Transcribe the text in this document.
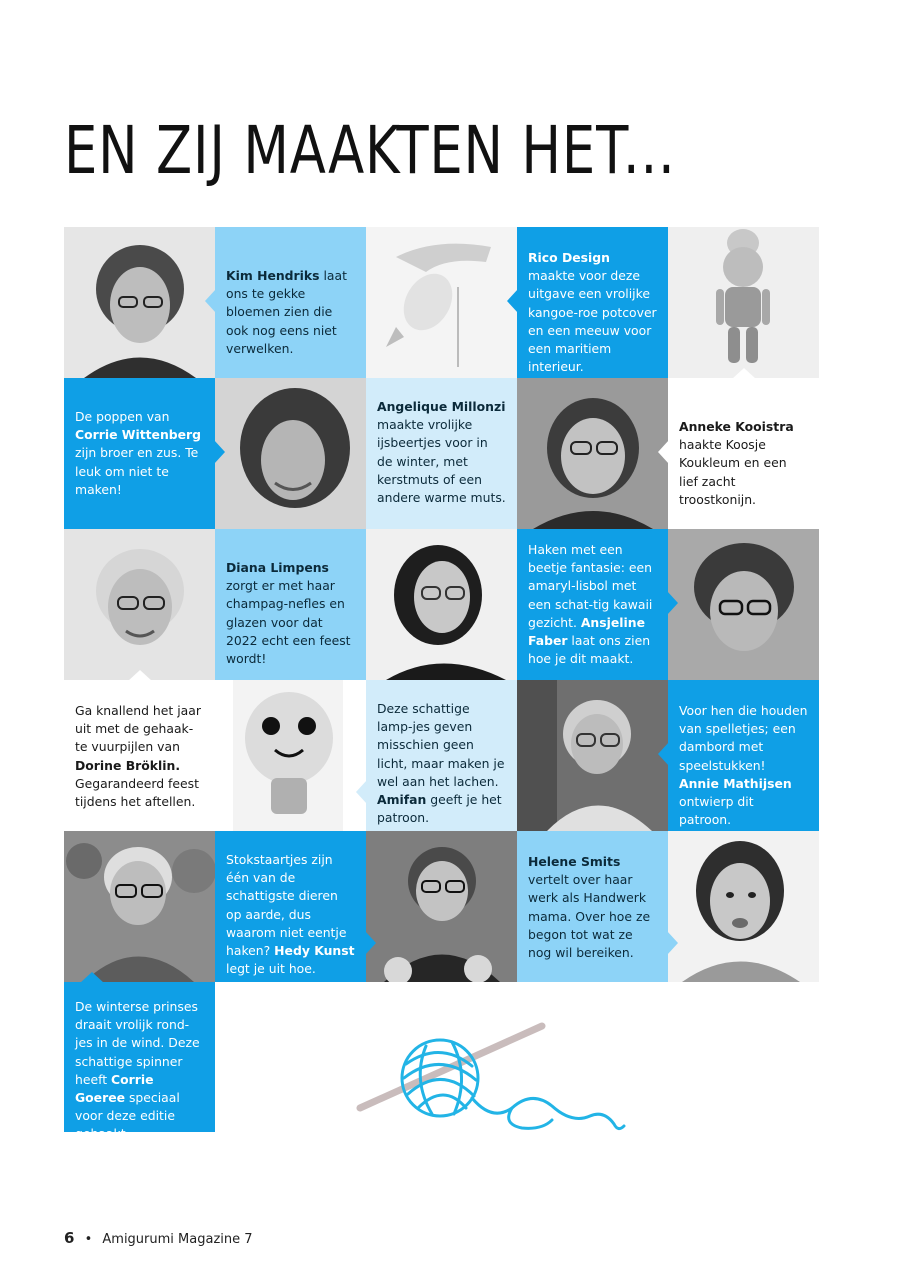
EN ZIJ MAAKTEN HET...
Kim Hendriks laat ons te gekke bloemen zien die ook nog eens niet verwelken.
Rico Design maakte voor deze uitgave een vrolijke kangoe-roe potcover en een meeuw voor een maritiem interieur.
De poppen van Corrie Wittenberg zijn broer en zus. Te leuk om niet te maken!
Angelique Millonzi maakte vrolijke ijsbeertjes voor in de winter, met kerstmuts of een andere warme muts.
Anneke Kooistra haakte Koosje Koukleum en een lief zacht troostkonijn.
Diana Limpens zorgt er met haar champag-nefles en glazen voor dat 2022 echt een feest wordt!
Haken met een beetje fantasie: een amaryl-lisbol met een schat-tig kawaii gezicht. Ansjeline Faber laat ons zien hoe je dit maakt.
Ga knallend het jaar uit met de gehaak-te vuurpijlen van Dorine Bröklin. Gegarandeerd feest tijdens het aftellen.
Deze schattige lamp-jes geven misschien geen licht, maar maken je wel aan het lachen. Amifan geeft je het patroon.
Voor hen die houden van spelletjes; een dambord met speelstukken! Annie Mathijsen ontwierp dit patroon.
Stokstaartjes zijn één van de schattigste dieren op aarde, dus waarom niet eentje haken? Hedy Kunst legt je uit hoe.
Helene Smits vertelt over haar werk als Handwerk mama. Over hoe ze begon tot wat ze nog wil bereiken.
De winterse prinses draait vrolijk rond-jes in de wind. Deze schattige spinner heeft Corrie Goeree speciaal voor deze editie gehaakt.
6 • Amigurumi Magazine 7
